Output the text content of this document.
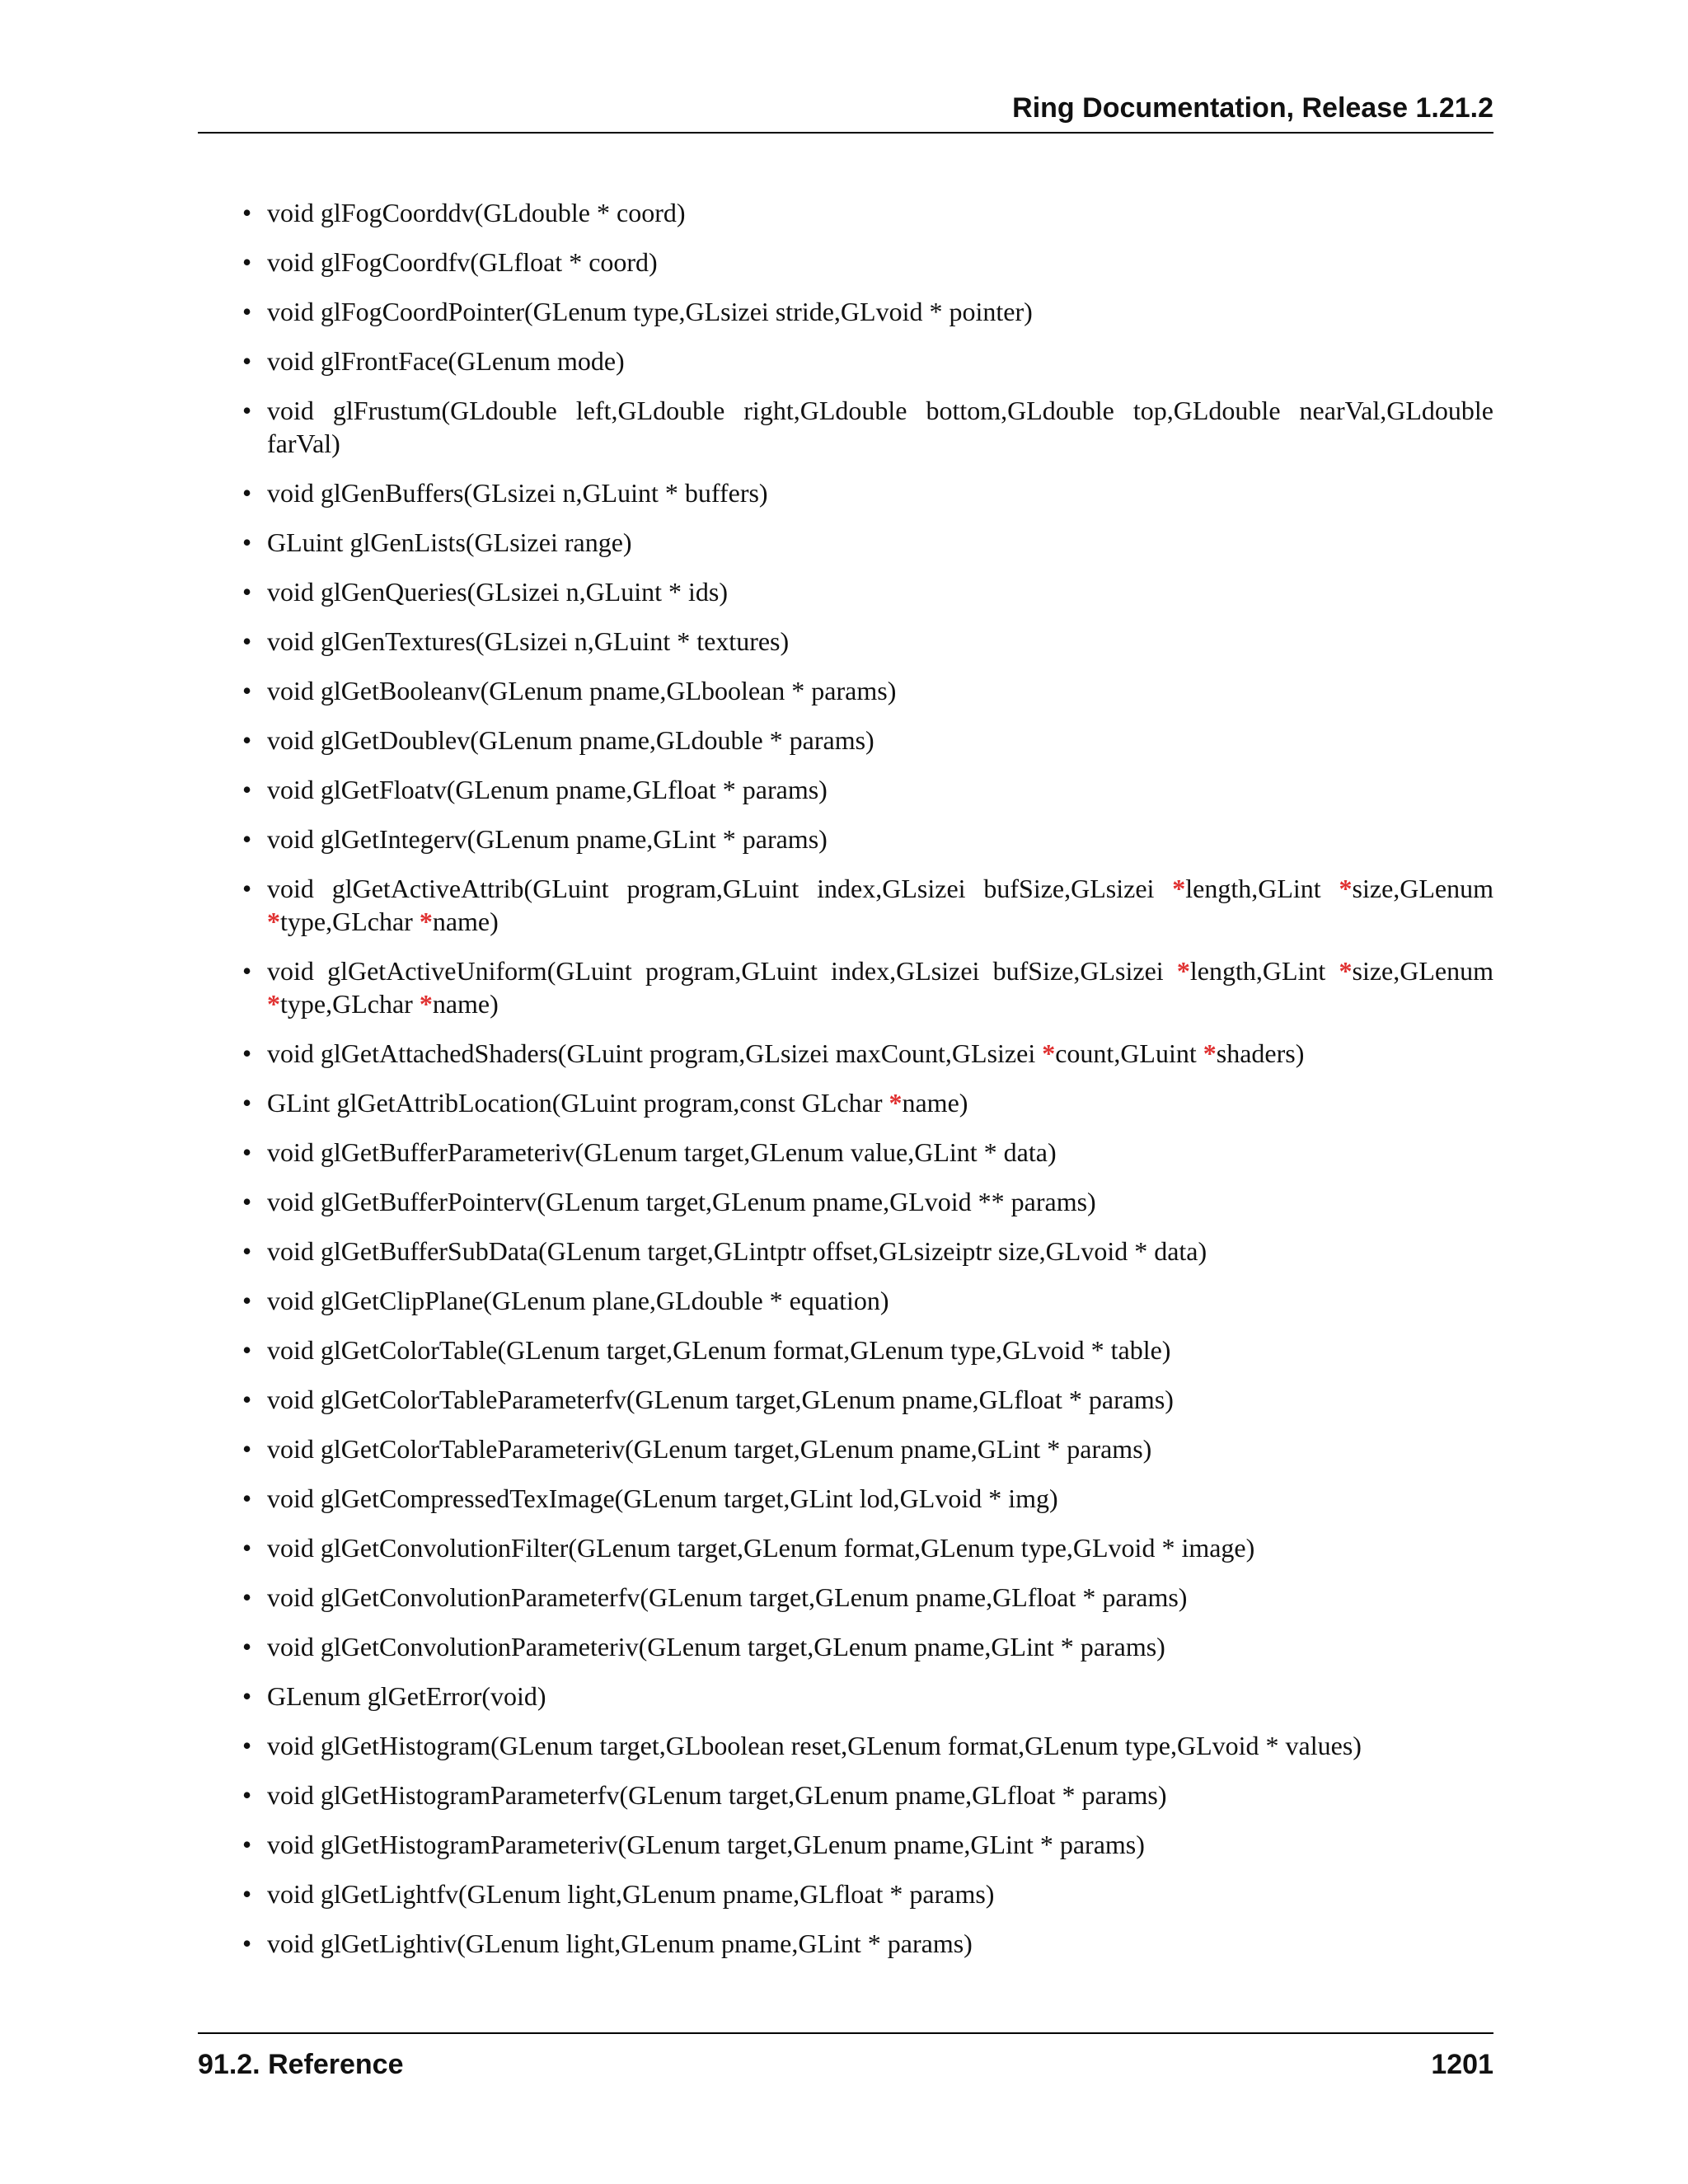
Ring Documentation, Release 1.21.2
• void glFogCoorddv(GLdouble * coord)
• void glFogCoordfv(GLfloat * coord)
• void glFogCoordPointer(GLenum type,GLsizei stride,GLvoid * pointer)
• void glFrontFace(GLenum mode)
• void glFrustum(GLdouble left,GLdouble right,GLdouble bottom,GLdouble top,GLdouble nearVal,GLdouble farVal)
• void glGenBuffers(GLsizei n,GLuint * buffers)
• GLuint glGenLists(GLsizei range)
• void glGenQueries(GLsizei n,GLuint * ids)
• void glGenTextures(GLsizei n,GLuint * textures)
• void glGetBooleanv(GLenum pname,GLboolean * params)
• void glGetDoublev(GLenum pname,GLdouble * params)
• void glGetFloatv(GLenum pname,GLfloat * params)
• void glGetIntegerv(GLenum pname,GLint * params)
• void glGetActiveAttrib(GLuint program,GLuint index,GLsizei bufSize,GLsizei *length,GLint *size,GLenum *type,GLchar *name)
• void glGetActiveUniform(GLuint program,GLuint index,GLsizei bufSize,GLsizei *length,GLint *size,GLenum *type,GLchar *name)
• void glGetAttachedShaders(GLuint program,GLsizei maxCount,GLsizei *count,GLuint *shaders)
• GLint glGetAttribLocation(GLuint program,const GLchar *name)
• void glGetBufferParameteriv(GLenum target,GLenum value,GLint * data)
• void glGetBufferPointerv(GLenum target,GLenum pname,GLvoid ** params)
• void glGetBufferSubData(GLenum target,GLintptr offset,GLsizeiptr size,GLvoid * data)
• void glGetClipPlane(GLenum plane,GLdouble * equation)
• void glGetColorTable(GLenum target,GLenum format,GLenum type,GLvoid * table)
• void glGetColorTableParameterfv(GLenum target,GLenum pname,GLfloat * params)
• void glGetColorTableParameteriv(GLenum target,GLenum pname,GLint * params)
• void glGetCompressedTexImage(GLenum target,GLint lod,GLvoid * img)
• void glGetConvolutionFilter(GLenum target,GLenum format,GLenum type,GLvoid * image)
• void glGetConvolutionParameterfv(GLenum target,GLenum pname,GLfloat * params)
• void glGetConvolutionParameteriv(GLenum target,GLenum pname,GLint * params)
• GLenum glGetError(void)
• void glGetHistogram(GLenum target,GLboolean reset,GLenum format,GLenum type,GLvoid * values)
• void glGetHistogramParameterfv(GLenum target,GLenum pname,GLfloat * params)
• void glGetHistogramParameteriv(GLenum target,GLenum pname,GLint * params)
• void glGetLightfv(GLenum light,GLenum pname,GLfloat * params)
• void glGetLightiv(GLenum light,GLenum pname,GLint * params)
91.2. Reference	1201
